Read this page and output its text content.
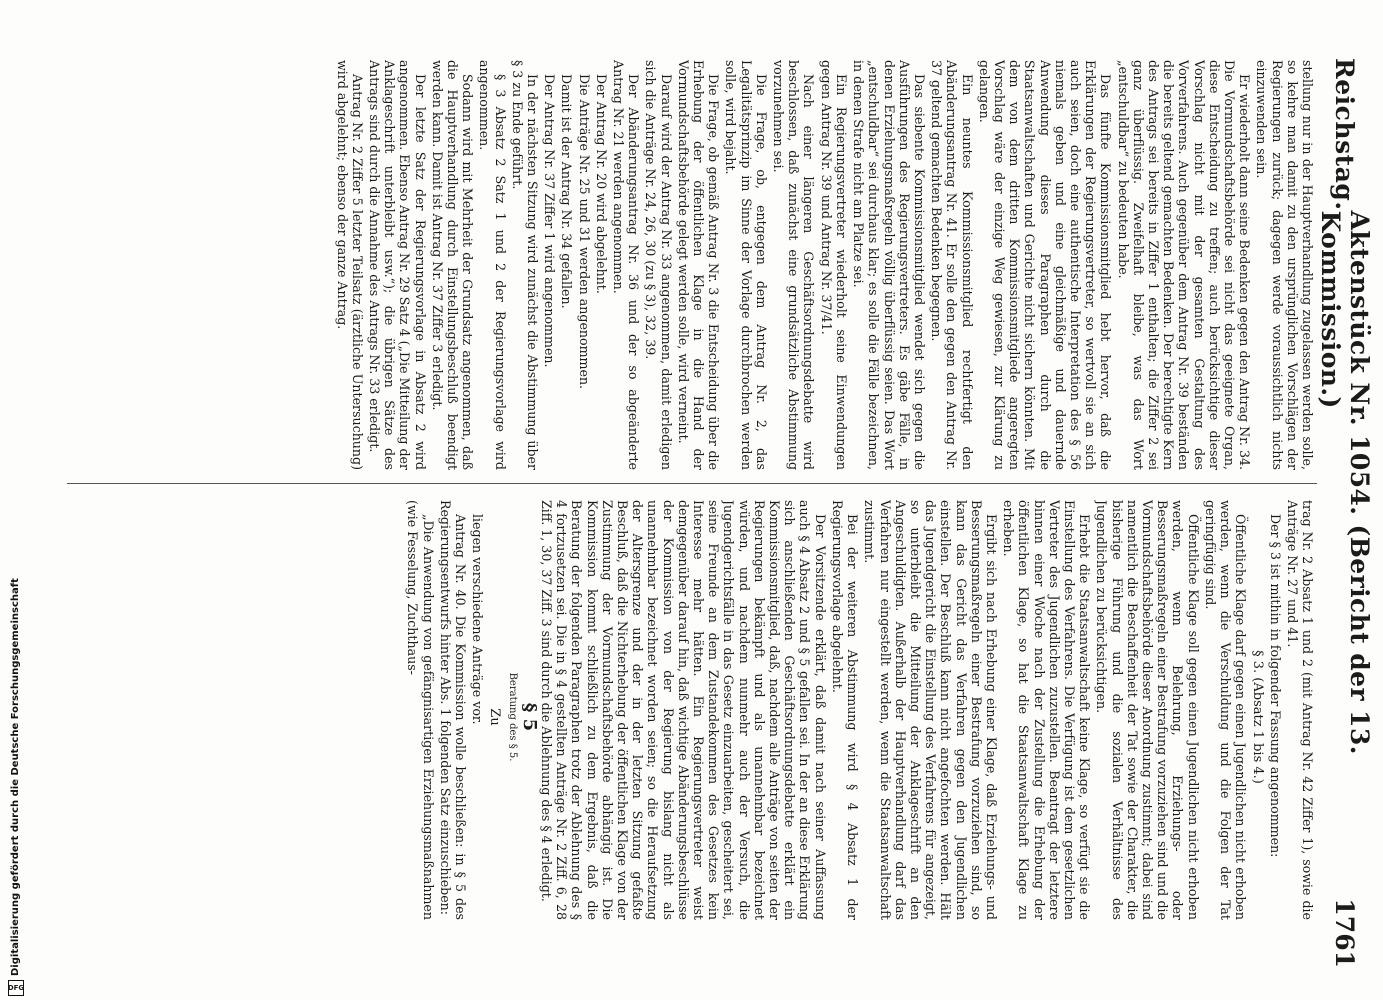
Reichstag.
Aktenstück Nr. 1054. (Bericht der 13. Kommission.)
1761

stellung nur in der Hauptverhandlung zugelassen werden solle, so kehre man damit zu den ursprünglichen Vorschlägen der Regierungen zurück; dagegen werde voraussichtlich nichts einzuwenden sein.

Er wiederholt dann seine Bedenken gegen den Antrag Nr. 34. Die Vormundschaftsbehörde sei nicht das geeignete Organ, diese Entscheidung zu treffen; auch berücksichtige dieser Vorschlag nicht mit der gesamten Gestaltung des Vorverfahrens. Auch gegenüber dem Antrag Nr. 39 beständen die bereits geltend gemachten Bedenken. Der berechtigte Kern des Antrags sei bereits in Ziffer 1 enthalten; die Ziffer 2 sei ganz überflüssig. Zweifelhaft bleibe, was das Wort „entschuldbar“ zu bedeuten habe.

Das fünfte Kommissionsmitglied hebt hervor, daß die Erklärungen der Regierungsvertreter, so wertvoll sie an sich auch seien, doch eine authentische Interpretation des § 56 niemals geben und eine gleichmäßige und dauernde Anwendung dieses Paragraphen durch die Staatsanwaltschaften und Gerichte nicht sichern könnten. Mit dem von dem dritten Kommissionsmitgliede angeregten Vorschlag wäre der einzige Weg gewiesen, zur Klärung zu gelangen.

Ein neuntes Kommissionsmitglied rechtfertigt den Abänderungsantrag Nr. 41. Er solle den gegen den Antrag Nr. 37 geltend gemachten Bedenken begegnen.

Das siebente Kommissionsmitglied wendet sich gegen die Ausführungen des Regierungsvertreters. Es gäbe Fälle, in denen Erziehungsmaßregeln völlig überflüssig seien. Das Wort „entschuldbar“ sei durchaus klar; es solle die Fälle bezeichnen, in denen Strafe nicht am Platze sei.

Ein Regierungsvertreter wiederholt seine Einwendungen gegen Antrag Nr. 39 und Antrag Nr. 37/41.

Nach einer längeren Geschäftsordnungsdebatte wird beschlossen, daß zunächst eine grundsätzliche Abstimmung vorzunehmen sei.

Die Frage, ob, entgegen dem Antrag Nr. 2, das Legalitätsprinzip im Sinne der Vorlage durchbrochen werden solle, wird bejaht.

Die Frage, ob gemäß Antrag Nr. 3 die Entscheidung über die Erhebung der öffentlichen Klage in die Hand der Vormundschaftsbehörde gelegt werden solle, wird verneint.

Darauf wird der Antrag Nr. 33 angenommen, damit erledigen sich die Anträge Nr. 24, 26, 30 (zu § 3), 32, 39.

Der Abänderungsantrag Nr. 36 und der so abgeänderte Antrag Nr. 21 werden angenommen.

Der Antrag Nr. 20 wird abgelehnt.

Die Anträge Nr. 25 und 31 werden angenommen.

Damit ist der Antrag Nr. 34 gefallen.

Der Antrag Nr. 37 Ziffer 1 wird angenommen.

In der nächsten Sitzung wird zunächst die Abstimmung über § 3 zu Ende geführt.

§ 3 Absatz 2 Satz 1 und 2 der Regierungsvorlage wird angenommen.

Sodann wird mit Mehrheit der Grundsatz angenommen, daß die Hauptverhandlung durch Einstellungsbeschluß beendigt werden kann. Damit ist Antrag Nr. 37 Ziffer 3 erledigt.

Der letzte Satz der Regierungsvorlage in Absatz 2 wird angenommen. Ebenso Antrag Nr. 29 Satz 4 („Die Mitteilung der Anklageschrift unterbleibt usw.“); die übrigen Sätze des Antrags sind durch die Annahme des Antrags Nr. 33 erledigt.

Antrag Nr. 2 Ziffer 5 letzter Teilsatz (ärztliche Untersuchung) wird abgelehnt; ebenso der ganze Antrag.

trag Nr. 2 Absatz 1 und 2 (mit Antrag Nr. 42 Ziffer 1), sowie die Anträge Nr. 27 und 41.

Der § 3 ist mithin in folgender Fassung angenommen:

§ 3. (Absatz 1 bis 4.)

Öffentliche Klage darf gegen einen Jugendlichen nicht erhoben werden, wenn die Verschuldung und die Folgen der Tat geringfügig sind.

Öffentliche Klage soll gegen einen Jugendlichen nicht erhoben werden, wenn Belehrung, Erziehungs- oder Besserungsmaßregeln einer Bestrafung vorzuziehen sind und die Vormundschaftsbehörde dieser Anordnung zustimmt; dabei sind namentlich die Beschaffenheit der Tat sowie der Charakter, die bisherige Führung und die sozialen Verhältnisse des Jugendlichen zu berücksichtigen.

Erhebt die Staatsanwaltschaft keine Klage, so verfügt sie die Einstellung des Verfahrens. Die Verfügung ist dem gesetzlichen Vertreter des Jugendlichen zuzustellen. Beantragt der letztere binnen einer Woche nach der Zustellung die Erhebung der öffentlichen Klage, so hat die Staatsanwaltschaft Klage zu erheben.

Ergibt sich nach Erhebung einer Klage, daß Erziehungs- und Besserungsmaßregeln einer Bestrafung vorzuziehen sind, so kann das Gericht das Verfahren gegen den Jugendlichen einstellen. Der Beschluß kann nicht angefochten werden. Hält das Jugendgericht die Einstellung des Verfahrens für angezeigt, so unterbleibt die Mitteilung der Anklageschrift an den Angeschuldigten. Außerhalb der Hauptverhandlung darf das Verfahren nur eingestellt werden, wenn die Staatsanwaltschaft zustimmt.

Bei der weiteren Abstimmung wird § 4 Absatz 1 der Regierungsvorlage abgelehnt.

Der Vorsitzende erklärt, daß damit nach seiner Auffassung auch § 4 Absatz 2 und § 5 gefallen sei. In der an diese Erklärung sich anschließenden Geschäftsordnungsdebatte erklärt ein Kommissionsmitglied, daß, nachdem alle Anträge von seiten der Regierungen bekämpft und als unannehmbar bezeichnet würden, und nachdem nunmehr auch der Versuch, die Jugendgerichtsfälle in das Gesetz einzuarbeiten, gescheitert sei, seine Freunde an dem Zustandekommen des Gesetzes kein Interesse mehr hätten. Ein Regierungsvertreter weist demgegenüber darauf hin, daß wichtige Abänderungsbeschlüsse der Kommission von der Regierung bislang nicht als unannehmbar bezeichnet worden seien; so die Heraufsetzung der Altersgrenze und der in der letzten Sitzung gefaßte Beschluß, daß die Nichterhebung der öffentlichen Klage von der Zustimmung der Vormundschaftsbehörde abhängig ist. Die Kommission kommt schließlich zu dem Ergebnis, daß die Beratung der folgenden Paragraphen trotz der Ablehnung des § 4 fortzusetzen sei. Die in § 4 gestellten Anträge Nr. 2 Ziff. 6, 28 Ziff. 1, 30, 37 Ziff. 3 sind durch die Ablehnung des § 4 erledigt.

§ 5

Beratung des § 5.

Zu

liegen verschiedene Anträge vor.

Antrag Nr. 40. Die Kommission wolle beschließen: in § 5 des Regierungsentwurfs hinter Abs. 1 folgenden Satz einzuschieben:

„Die Anwendung von gefängnisartigen Erziehungsmaßnahmen (wie Fesselung, Zuchthaus-

Digitalisierung gefördert durch die Deutsche Forschungsgemeinschaft
DFG
